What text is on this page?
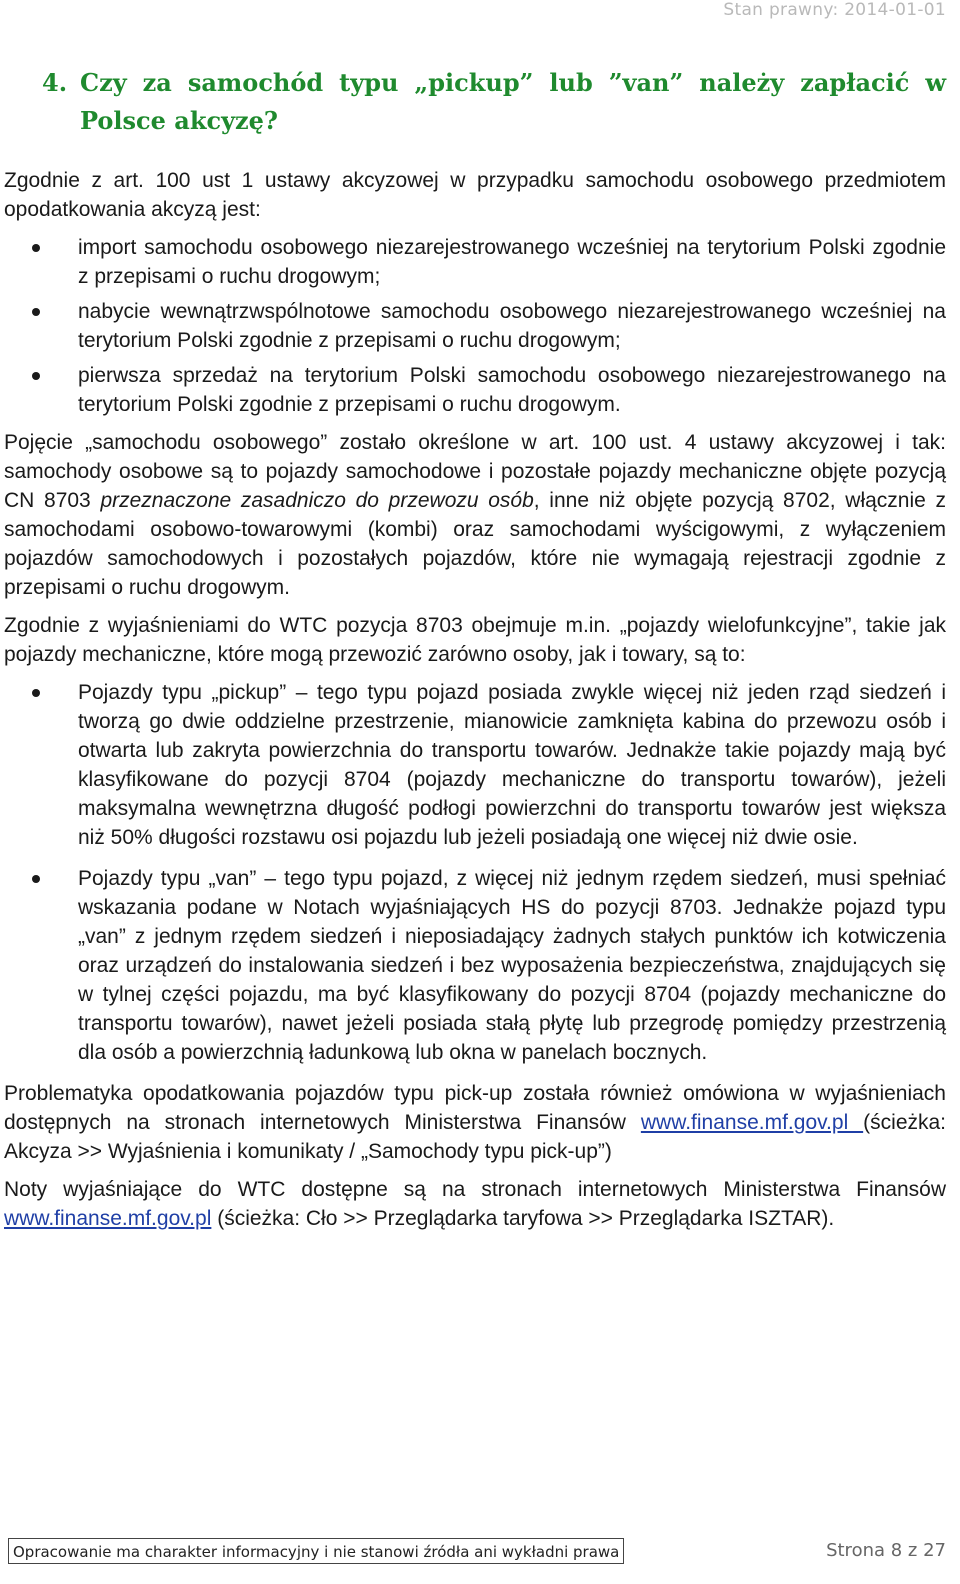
Stan prawny: 2014-01-01
4. Czy za samochód typu „pickup” lub ”van” należy zapłacić w Polsce akcyzę?

Zgodnie z art. 100 ust 1 ustawy akcyzowej w przypadku samochodu osobowego przedmiotem opodatkowania akcyzą jest:

import samochodu osobowego niezarejestrowanego wcześniej na terytorium Polski zgodnie z przepisami o ruchu drogowym;
nabycie wewnątrzwspólnotowe samochodu osobowego niezarejestrowanego wcześniej na terytorium Polski zgodnie z przepisami o ruchu drogowym;
pierwsza sprzedaż na terytorium Polski samochodu osobowego niezarejestrowanego na terytorium Polski zgodnie z przepisami o ruchu drogowym.

Pojęcie „samochodu osobowego” zostało określone w art. 100 ust. 4 ustawy akcyzowej i tak: samochody osobowe są to pojazdy samochodowe i pozostałe pojazdy mechaniczne objęte pozycją CN 8703 przeznaczone zasadniczo do przewozu osób, inne niż objęte pozycją 8702, włącznie z samochodami osobowo-towarowymi (kombi) oraz samochodami wyścigowymi, z wyłączeniem pojazdów samochodowych i pozostałych pojazdów, które nie wymagają rejestracji zgodnie z przepisami o ruchu drogowym.

Zgodnie z wyjaśnieniami do WTC pozycja 8703 obejmuje m.in. „pojazdy wielofunkcyjne”, takie jak pojazdy mechaniczne, które mogą przewozić zarówno osoby, jak i towary, są to:

Pojazdy typu „pickup” – tego typu pojazd posiada zwykle więcej niż jeden rząd siedzeń i tworzą go dwie oddzielne przestrzenie, mianowicie zamknięta kabina do przewozu osób i otwarta lub zakryta powierzchnia do transportu towarów. Jednakże takie pojazdy mają być klasyfikowane do pozycji 8704 (pojazdy mechaniczne do transportu towarów), jeżeli maksymalna wewnętrzna długość podłogi powierzchni do transportu towarów jest większa niż 50% długości rozstawu osi pojazdu lub jeżeli posiadają one więcej niż dwie osie.
Pojazdy typu „van” – tego typu pojazd, z więcej niż jednym rzędem siedzeń, musi spełniać wskazania podane w Notach wyjaśniających HS do pozycji 8703. Jednakże pojazd typu „van” z jednym rzędem siedzeń i nieposiadający żadnych stałych punktów ich kotwiczenia oraz urządzeń do instalowania siedzeń i bez wyposażenia bezpieczeństwa, znajdujących się w tylnej części pojazdu, ma być klasyfikowany do pozycji 8704 (pojazdy mechaniczne do transportu towarów), nawet jeżeli posiada stałą płytę lub przegrodę pomiędzy przestrzenią dla osób a powierzchnią ładunkową lub okna w panelach bocznych.

Problematyka opodatkowania pojazdów typu pick-up została również omówiona w wyjaśnieniach dostępnych na stronach internetowych Ministerstwa Finansów www.finanse.mf.gov.pl (ścieżka: Akcyza >> Wyjaśnienia i komunikaty / „Samochody typu pick-up”)

Noty wyjaśniające do WTC dostępne są na stronach internetowych Ministerstwa Finansów www.finanse.mf.gov.pl (ścieżka: Cło >> Przeglądarka taryfowa >> Przeglądarka ISZTAR).

Opracowanie ma charakter informacyjny i nie stanowi źródła ani wykładni prawa	Strona 8 z 27
